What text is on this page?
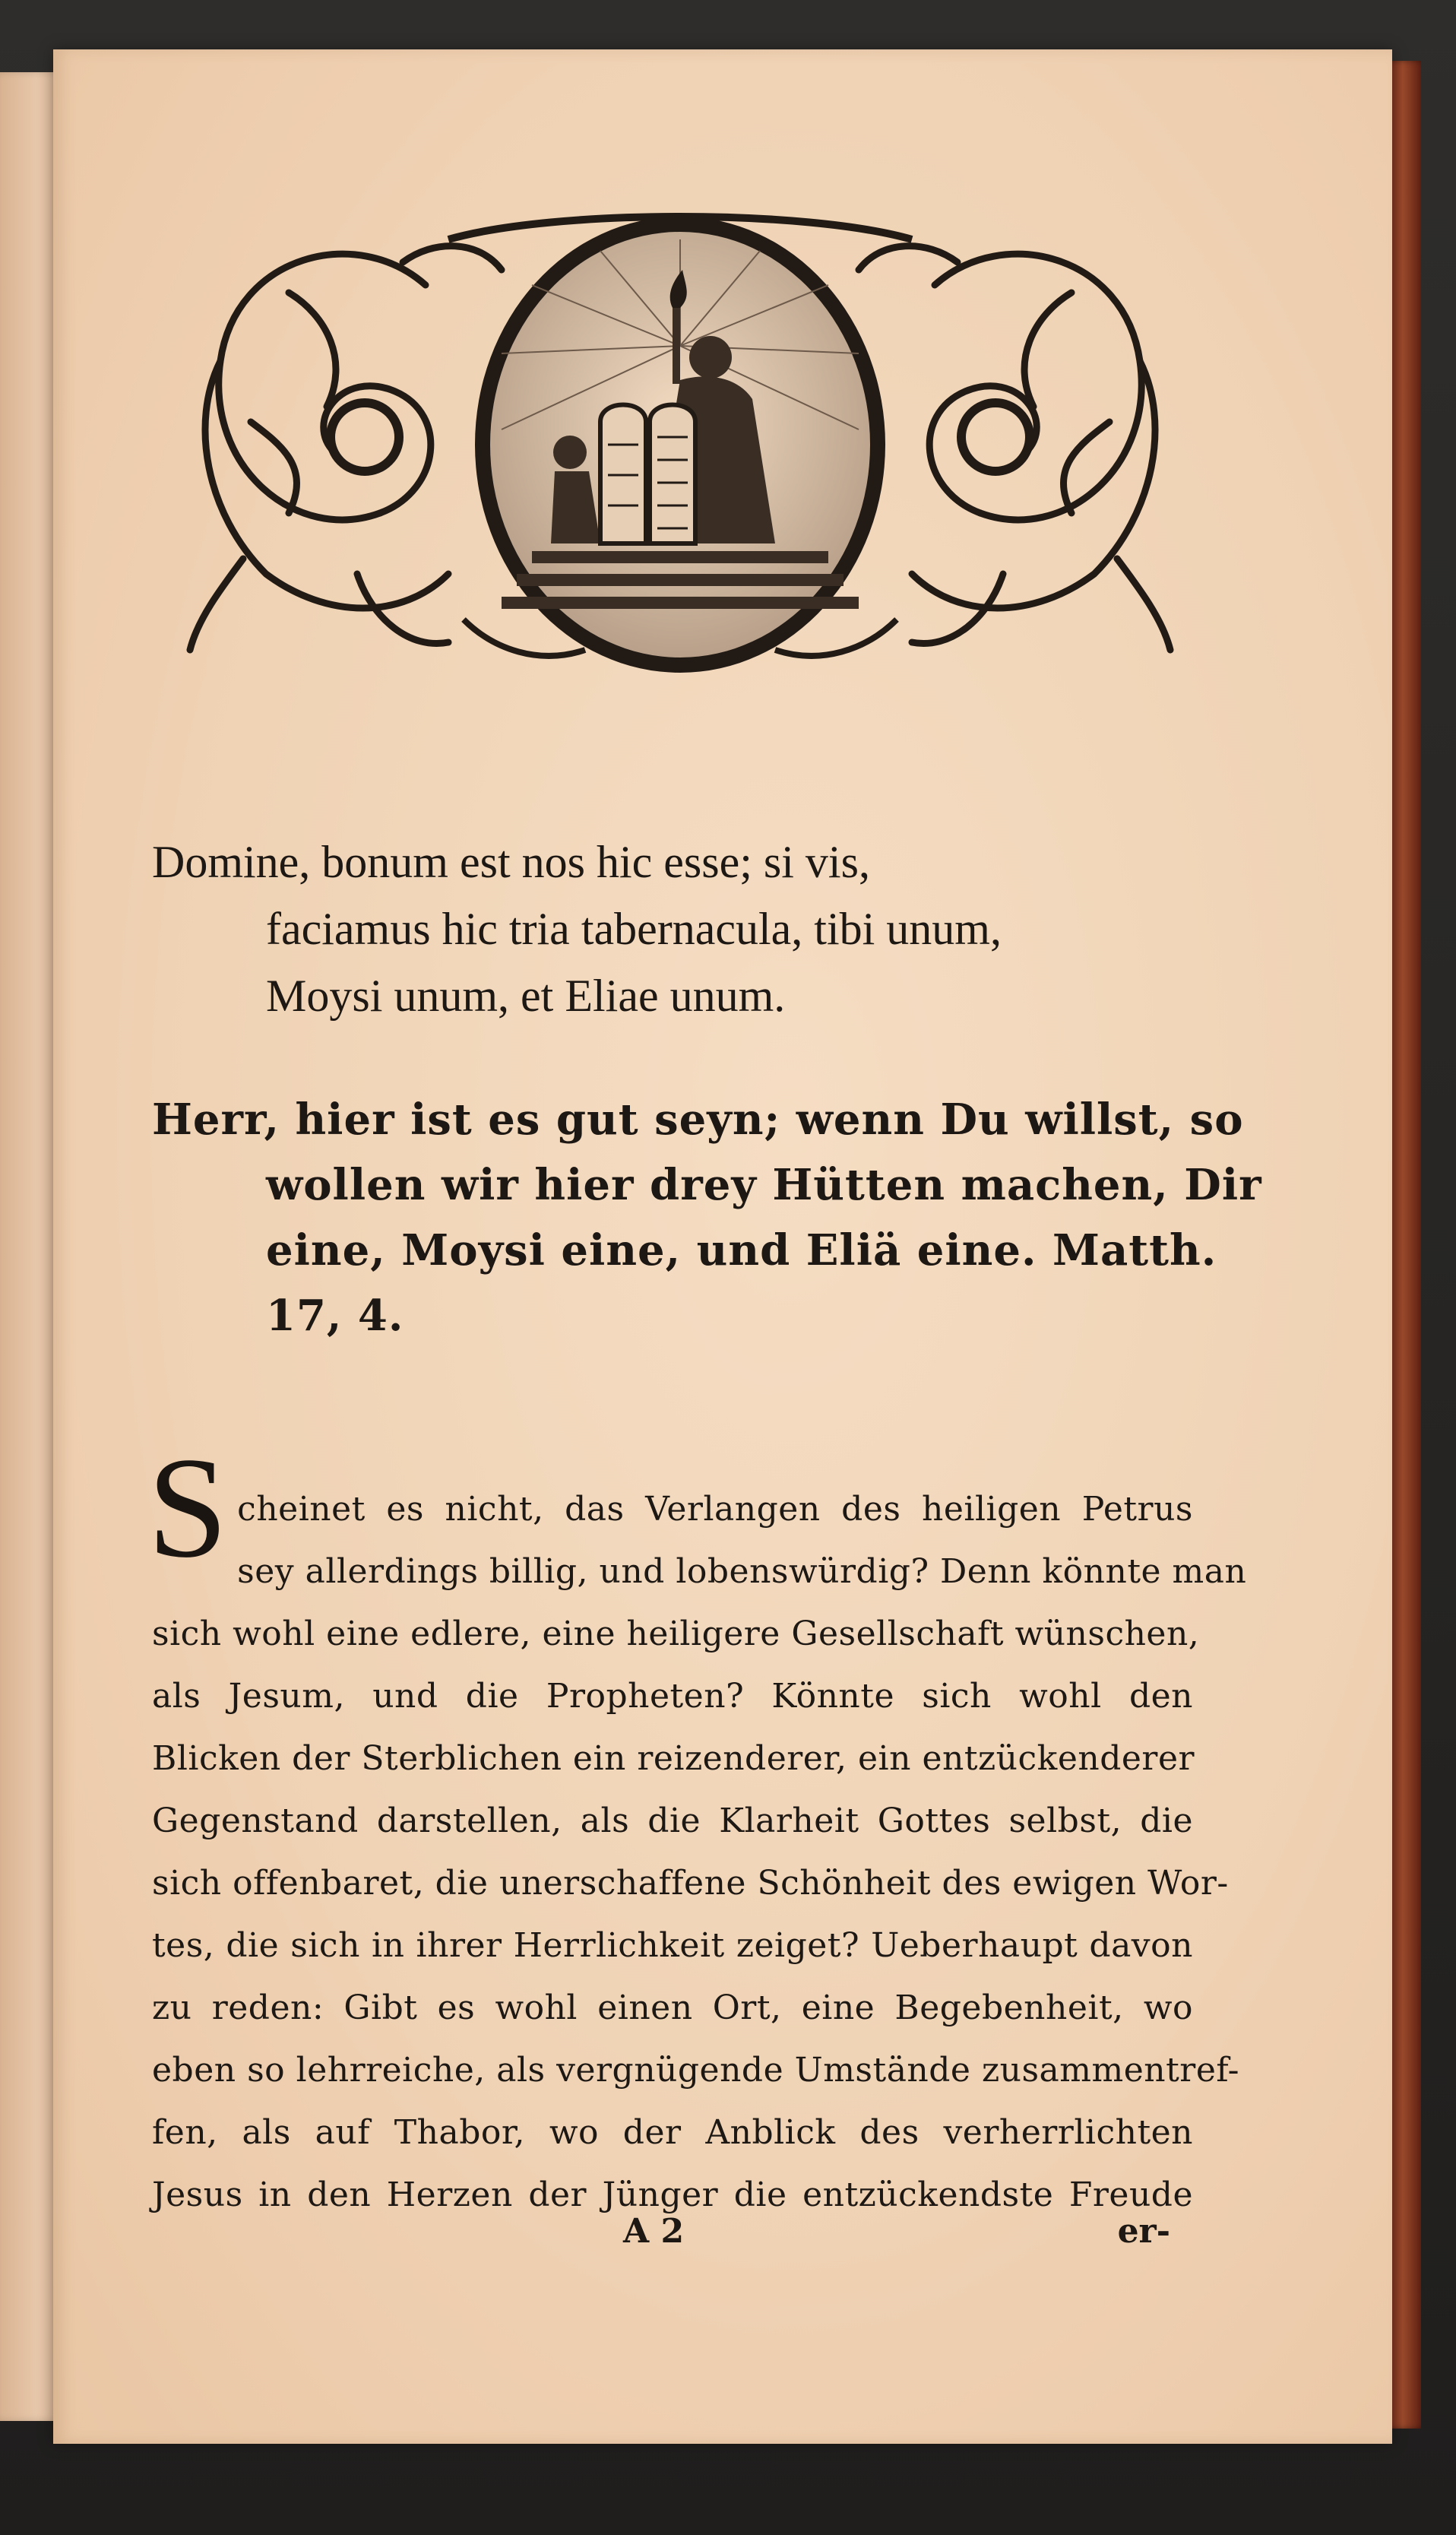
Domine, bonum est nos hic esse; si vis,
faciamus hic tria tabernacula, tibi unum,
Moysi unum, et Eliae unum.
Herr, hier ist es gut seyn; wenn Du willst, so
wollen wir hier drey Hütten machen, Dir
eine, Moysi eine, und Eliä eine. Matth.
17, 4.
S cheinet es nicht, das Verlangen des heiligen Petrus
sey allerdings billig, und lobenswürdig? Denn könnte man
sich wohl eine edlere, eine heiligere Gesellschaft wünschen,
als Jesum, und die Propheten? Könnte sich wohl den
Blicken der Sterblichen ein reizenderer, ein entzückenderer
Gegenstand darstellen, als die Klarheit Gottes selbst, die
sich offenbaret, die unerschaffene Schönheit des ewigen Wor-
tes, die sich in ihrer Herrlichkeit zeiget? Ueberhaupt davon
zu reden: Gibt es wohl einen Ort, eine Begebenheit, wo
eben so lehrreiche, als vergnügende Umstände zusammentref-
fen, als auf Thabor, wo der Anblick des verherrlichten
Jesus in den Herzen der Jünger die entzückendste Freude
A 2	er-
